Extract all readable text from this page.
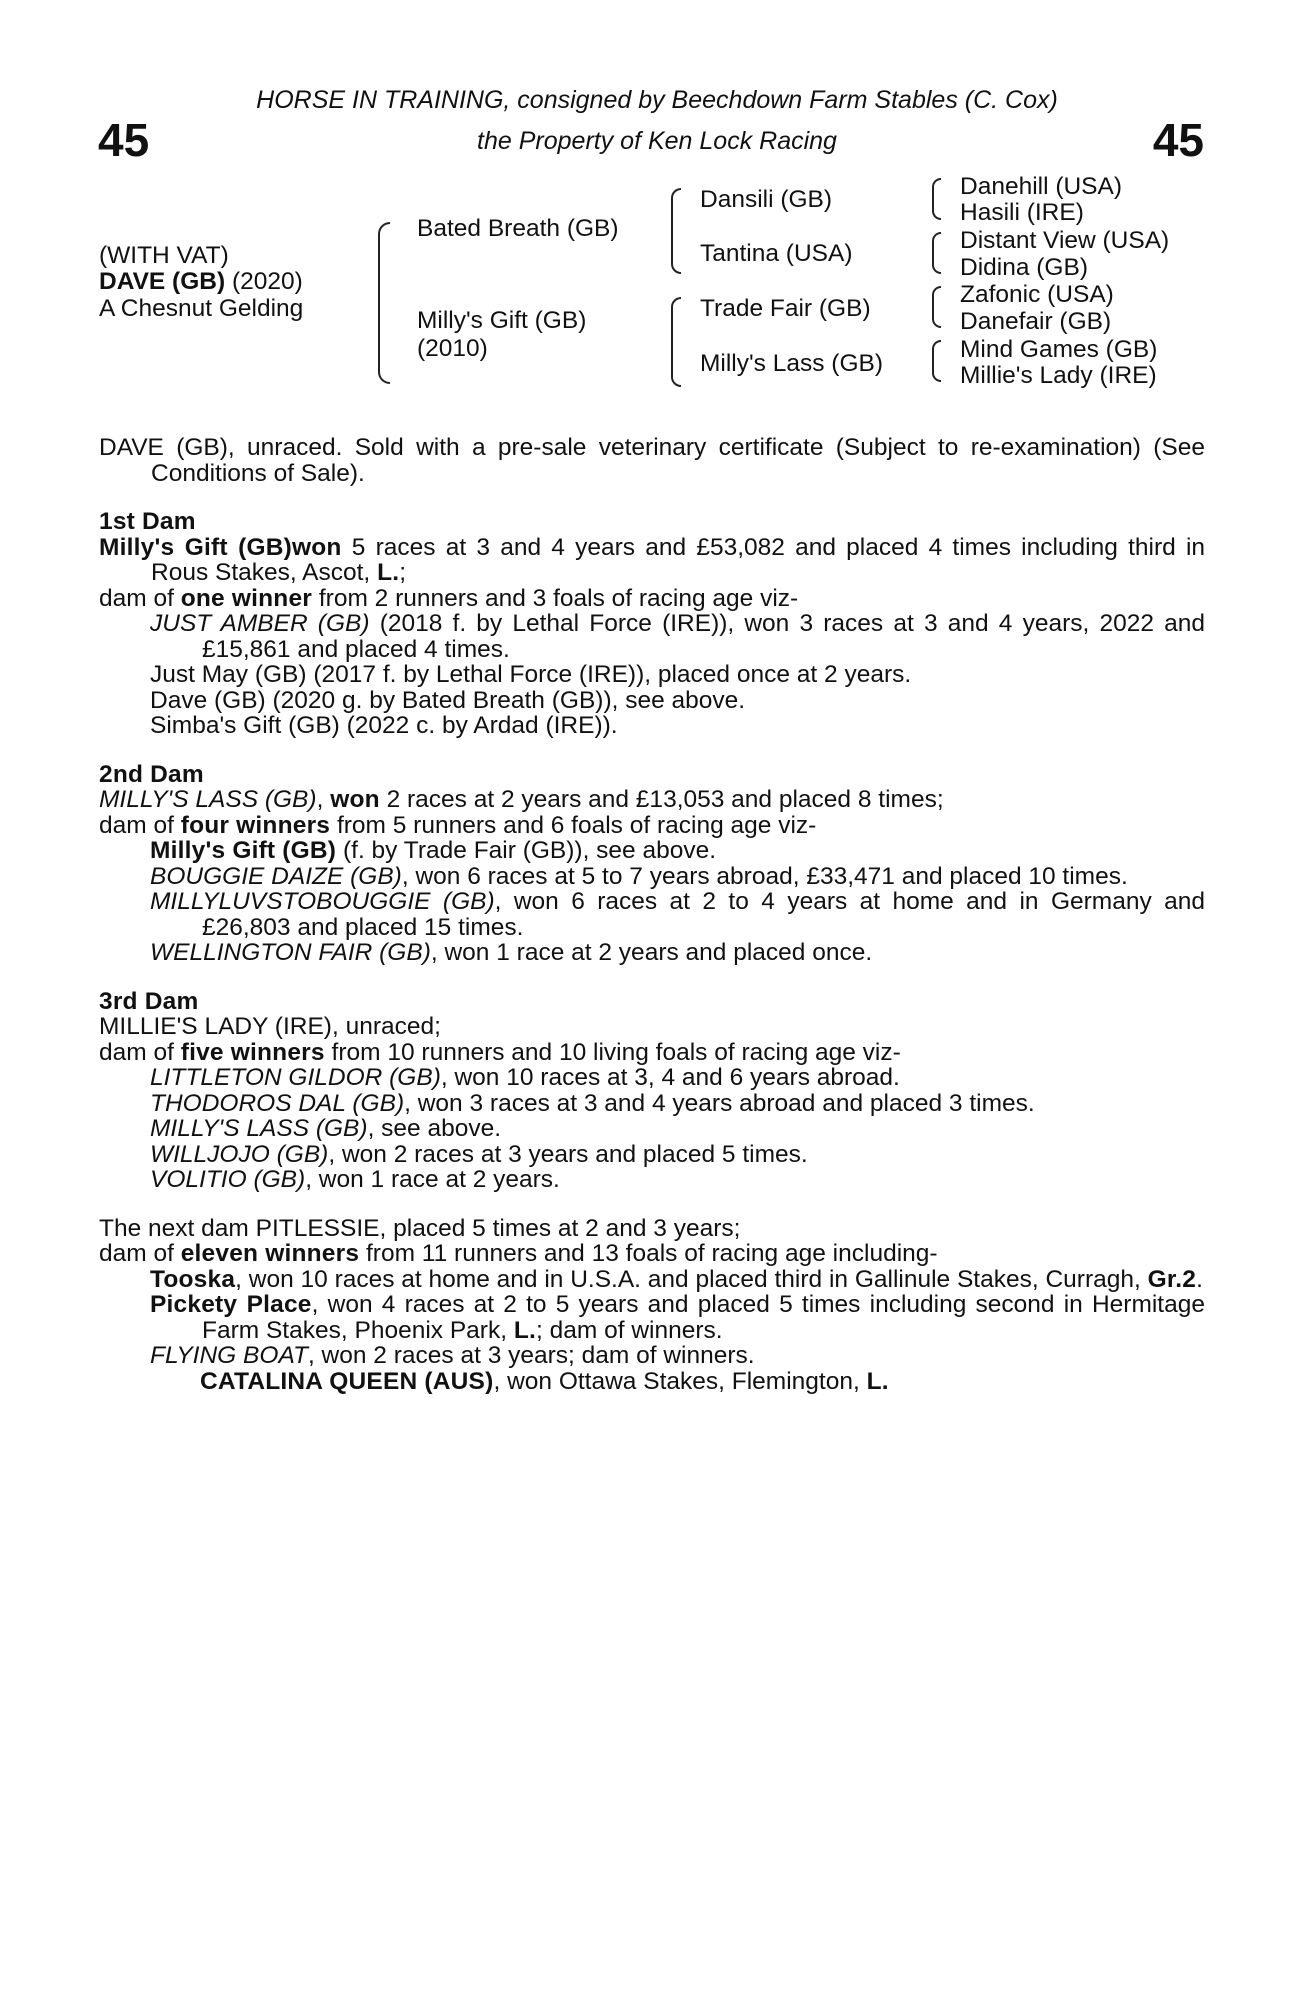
45	45
HORSE IN TRAINING, consigned by Beechdown Farm Stables (C. Cox)
the Property of Ken Lock Racing
(WITH VAT)
DAVE (GB) (2020)
A Chesnut Gelding
Bated Breath (GB)
Milly's Gift (GB)
(2010)
Dansili (GB)
Tantina (USA)
Trade Fair (GB)
Milly's Lass (GB)
Danehill (USA)
Hasili (IRE)
Distant View (USA)
Didina (GB)
Zafonic (USA)
Danefair (GB)
Mind Games (GB)
Millie's Lady (IRE)

DAVE (GB), unraced. Sold with a pre-sale veterinary certificate (Subject to re-examination) (See Conditions of Sale).

1st Dam

Milly's Gift (GB)won 5 races at 3 and 4 years and £53,082 and placed 4 times including third in Rous Stakes, Ascot, L.;

dam of one winner from 2 runners and 3 foals of racing age viz-

JUST AMBER (GB) (2018 f. by Lethal Force (IRE)), won 3 races at 3 and 4 years, 2022 and £15,861 and placed 4 times.

Just May (GB) (2017 f. by Lethal Force (IRE)), placed once at 2 years.

Dave (GB) (2020 g. by Bated Breath (GB)), see above.

Simba's Gift (GB) (2022 c. by Ardad (IRE)).

2nd Dam

MILLY'S LASS (GB), won 2 races at 2 years and £13,053 and placed 8 times;

dam of four winners from 5 runners and 6 foals of racing age viz-

Milly's Gift (GB) (f. by Trade Fair (GB)), see above.

BOUGGIE DAIZE (GB), won 6 races at 5 to 7 years abroad, £33,471 and placed 10 times.

MILLYLUVSTOBOUGGIE (GB), won 6 races at 2 to 4 years at home and in Germany and £26,803 and placed 15 times.

WELLINGTON FAIR (GB), won 1 race at 2 years and placed once.

3rd Dam

MILLIE'S LADY (IRE), unraced;

dam of five winners from 10 runners and 10 living foals of racing age viz-

LITTLETON GILDOR (GB), won 10 races at 3, 4 and 6 years abroad.

THODOROS DAL (GB), won 3 races at 3 and 4 years abroad and placed 3 times.

MILLY'S LASS (GB), see above.

WILLJOJO (GB), won 2 races at 3 years and placed 5 times.

VOLITIO (GB), won 1 race at 2 years.

The next dam PITLESSIE, placed 5 times at 2 and 3 years;

dam of eleven winners from 11 runners and 13 foals of racing age including-

Tooska, won 10 races at home and in U.S.A. and placed third in Gallinule Stakes, Curragh, Gr.2.

Pickety Place, won 4 races at 2 to 5 years and placed 5 times including second in Hermitage Farm Stakes, Phoenix Park, L.; dam of winners.

FLYING BOAT, won 2 races at 3 years; dam of winners.

CATALINA QUEEN (AUS), won Ottawa Stakes, Flemington, L.
